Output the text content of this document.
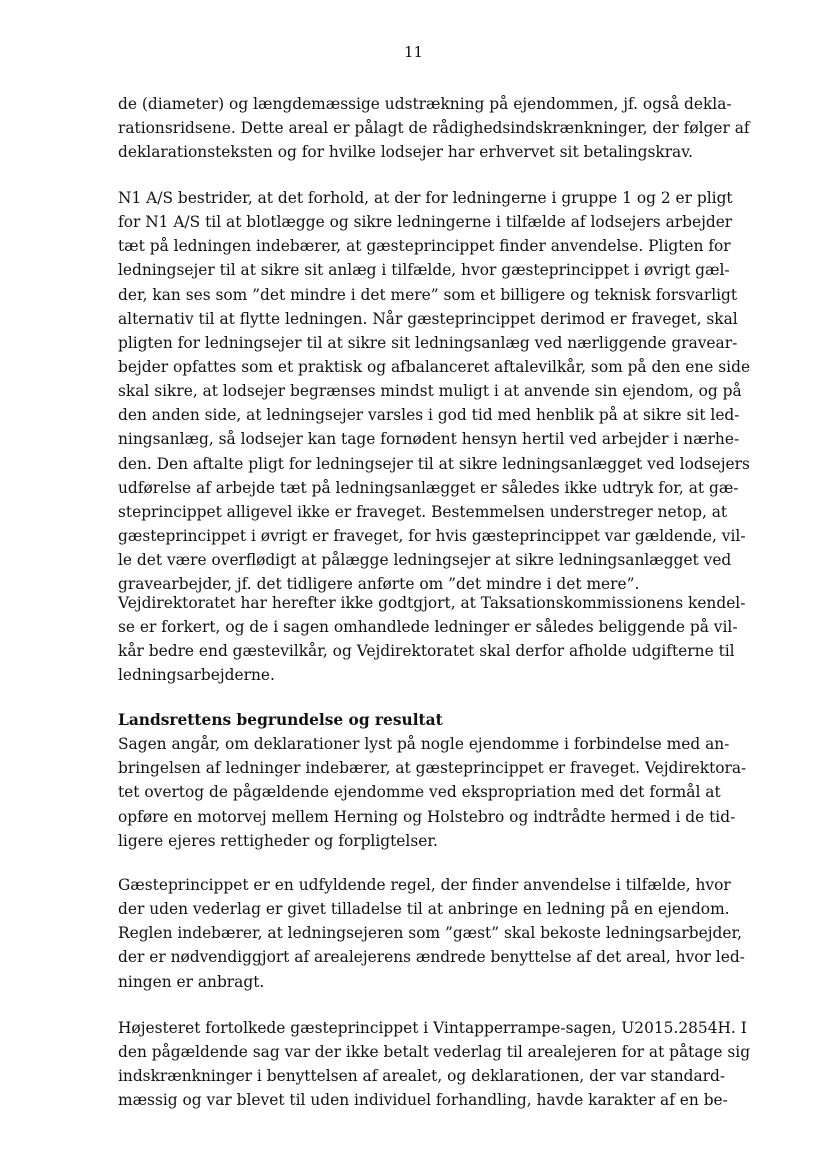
11
de (diameter) og længdemæssige udstrækning på ejendommen, jf. også dekla-
rationsridsene. Dette areal er pålagt de rådighedsindskrænkninger, der følger af
deklarationsteksten og for hvilke lodsejer har erhvervet sit betalingskrav.
N1 A/S bestrider, at det forhold, at der for ledningerne i gruppe 1 og 2 er pligt
for N1 A/S til at blotlægge og sikre ledningerne i tilfælde af lodsejers arbejder
tæt på ledningen indebærer, at gæsteprincippet finder anvendelse. Pligten for
ledningsejer til at sikre sit anlæg i tilfælde, hvor gæsteprincippet i øvrigt gæl-
der, kan ses som ”det mindre i det mere” som et billigere og teknisk forsvarligt
alternativ til at flytte ledningen. Når gæsteprincippet derimod er fraveget, skal
pligten for ledningsejer til at sikre sit ledningsanlæg ved nærliggende gravear-
bejder opfattes som et praktisk og afbalanceret aftalevilkår, som på den ene side
skal sikre, at lodsejer begrænses mindst muligt i at anvende sin ejendom, og på
den anden side, at ledningsejer varsles i god tid med henblik på at sikre sit led-
ningsanlæg, så lodsejer kan tage fornødent hensyn hertil ved arbejder i nærhe-
den. Den aftalte pligt for ledningsejer til at sikre ledningsanlægget ved lodsejers
udførelse af arbejde tæt på ledningsanlægget er således ikke udtryk for, at gæ-
steprincippet alligevel ikke er fraveget. Bestemmelsen understreger netop, at
gæsteprincippet i øvrigt er fraveget, for hvis gæsteprincippet var gældende, vil-
le det være overflødigt at pålægge ledningsejer at sikre ledningsanlægget ved
gravearbejder, jf. det tidligere anførte om ”det mindre i det mere”.
Vejdirektoratet har herefter ikke godtgjort, at Taksationskommissionens kendel-
se er forkert, og de i sagen omhandlede ledninger er således beliggende på vil-
kår bedre end gæstevilkår, og Vejdirektoratet skal derfor afholde udgifterne til
ledningsarbejderne.
Landsrettens begrundelse og resultat
Sagen angår, om deklarationer lyst på nogle ejendomme i forbindelse med an-
bringelsen af ledninger indebærer, at gæsteprincippet er fraveget. Vejdirektora-
tet overtog de pågældende ejendomme ved ekspropriation med det formål at
opføre en motorvej mellem Herning og Holstebro og indtrådte hermed i de tid-
ligere ejeres rettigheder og forpligtelser.
Gæsteprincippet er en udfyldende regel, der finder anvendelse i tilfælde, hvor
der uden vederlag er givet tilladelse til at anbringe en ledning på en ejendom.
Reglen indebærer, at ledningsejeren som ”gæst” skal bekoste ledningsarbejder,
der er nødvendiggjort af arealejerens ændrede benyttelse af det areal, hvor led-
ningen er anbragt.
Højesteret fortolkede gæsteprincippet i Vintapperrampe-sagen, U2015.2854H. I
den pågældende sag var der ikke betalt vederlag til arealejeren for at påtage sig
indskrænkninger i benyttelsen af arealet, og deklarationen, der var standard-
mæssig og var blevet til uden individuel forhandling, havde karakter af en be-
